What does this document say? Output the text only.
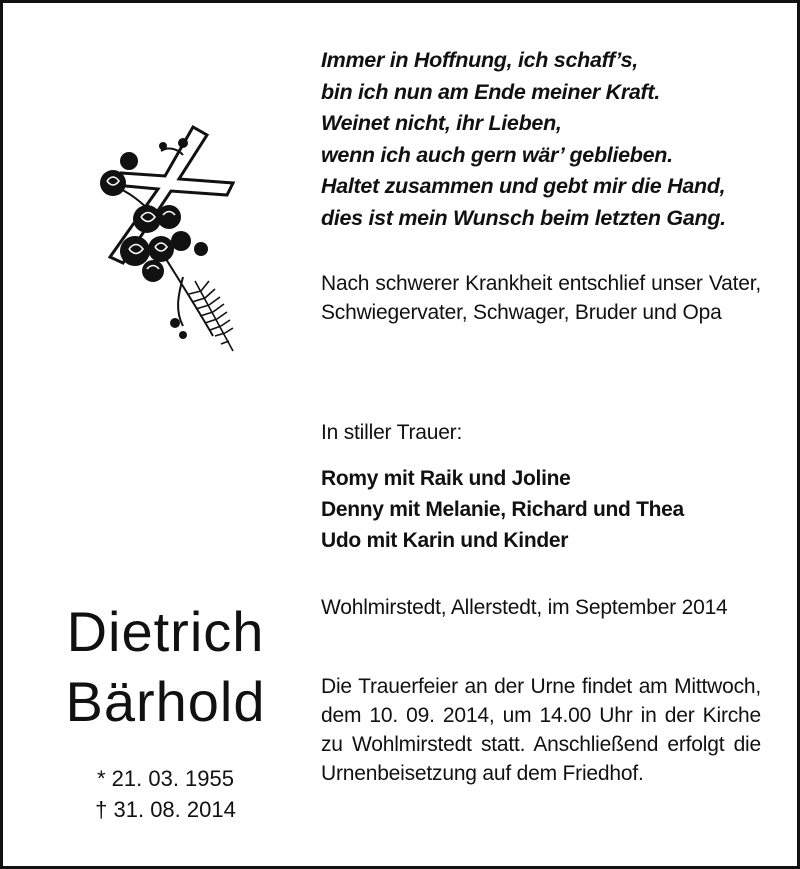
Immer in Hoffnung, ich schaff’s,
bin ich nun am Ende meiner Kraft.
Weinet nicht, ihr Lieben,
wenn ich auch gern wär’ geblieben.
Haltet zusammen und gebt mir die Hand,
dies ist mein Wunsch beim letzten Gang.
Nach schwerer Krankheit entschlief unser Vater, Schwiegervater, Schwager, Bruder und Opa
In stiller Trauer:
Romy mit Raik und Joline
Denny mit Melanie, Richard und Thea
Udo mit Karin und Kinder
Wohlmirstedt, Allerstedt, im September 2014
Die Trauerfeier an der Urne findet am Mittwoch, dem 10. 09. 2014, um 14.00 Uhr in der Kirche zu Wohlmirstedt statt. Anschließend erfolgt die Urnenbeisetzung auf dem Friedhof.
Dietrich
Bärhold
* 21. 03. 1955
† 31. 08. 2014
